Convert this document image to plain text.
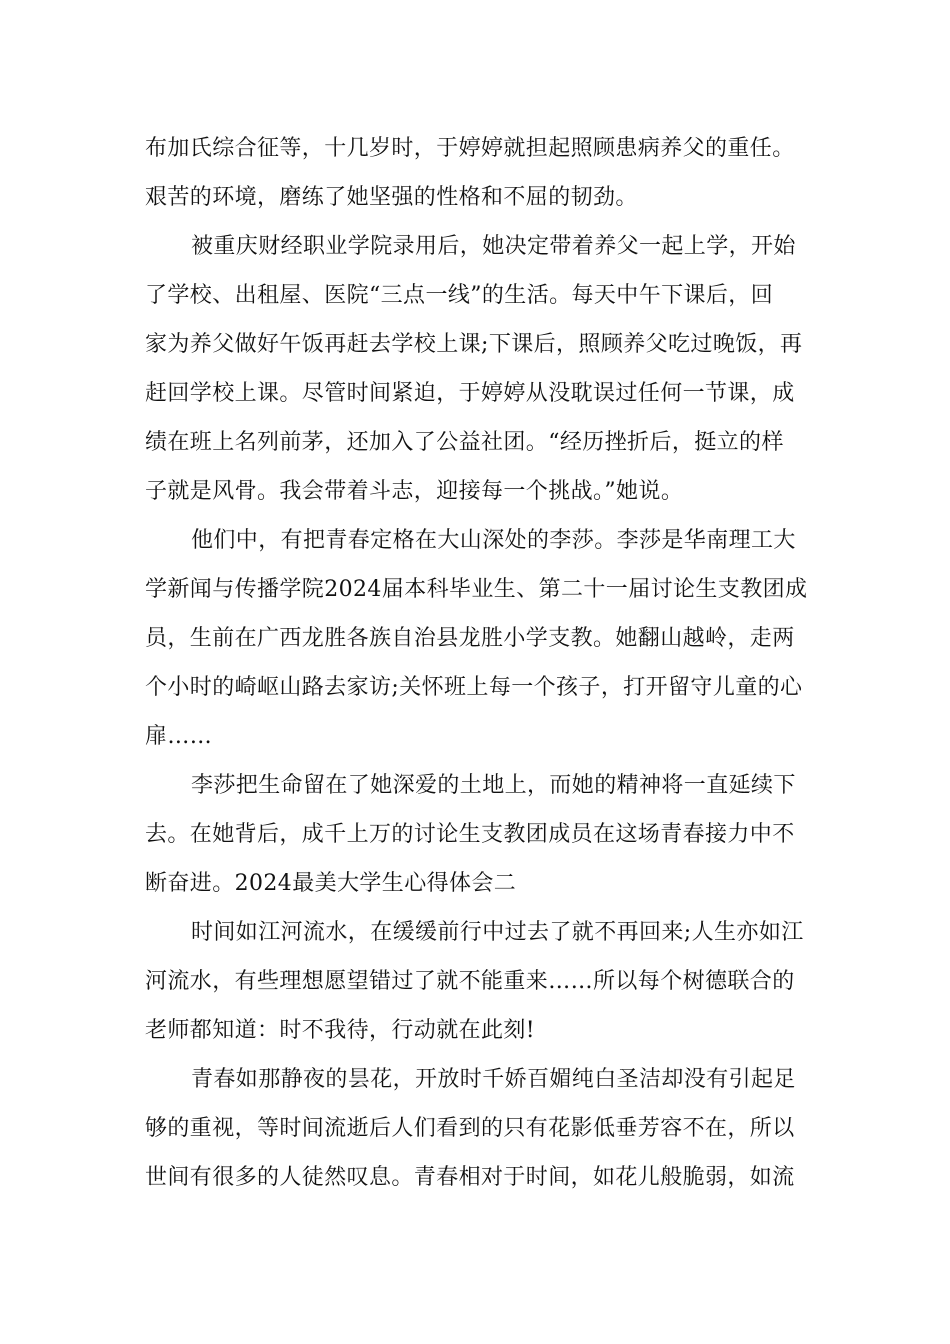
布加氏综合征等，十几岁时，于婷婷就担起照顾患病养父的重任。
艰苦的环境，磨练了她坚强的性格和不屈的韧劲。
被重庆财经职业学院录用后，她决定带着养父一起上学，开始
了学校、出租屋、医院“三点一线”的生活。每天中午下课后，回
家为养父做好午饭再赶去学校上课;下课后，照顾养父吃过晚饭，再
赶回学校上课。尽管时间紧迫，于婷婷从没耽误过任何一节课，成
绩在班上名列前茅，还加入了公益社团。“经历挫折后，挺立的样
子就是风骨。我会带着斗志，迎接每一个挑战。”她说。
他们中，有把青春定格在大山深处的李莎。李莎是华南理工大
学新闻与传播学院2024届本科毕业生、第二十一届讨论生支教团成
员，生前在广西龙胜各族自治县龙胜小学支教。她翻山越岭，走两
个小时的崎岖山路去家访;关怀班上每一个孩子，打开留守儿童的心
扉……
李莎把生命留在了她深爱的土地上，而她的精神将一直延续下
去。在她背后，成千上万的讨论生支教团成员在这场青春接力中不
断奋进。2024最美大学生心得体会二
时间如江河流水，在缓缓前行中过去了就不再回来;人生亦如江
河流水，有些理想愿望错过了就不能重来……所以每个树德联合的
老师都知道：时不我待，行动就在此刻!
青春如那静夜的昙花，开放时千娇百媚纯白圣洁却没有引起足
够的重视，等时间流逝后人们看到的只有花影低垂芳容不在，所以
世间有很多的人徒然叹息。青春相对于时间，如花儿般脆弱，如流
